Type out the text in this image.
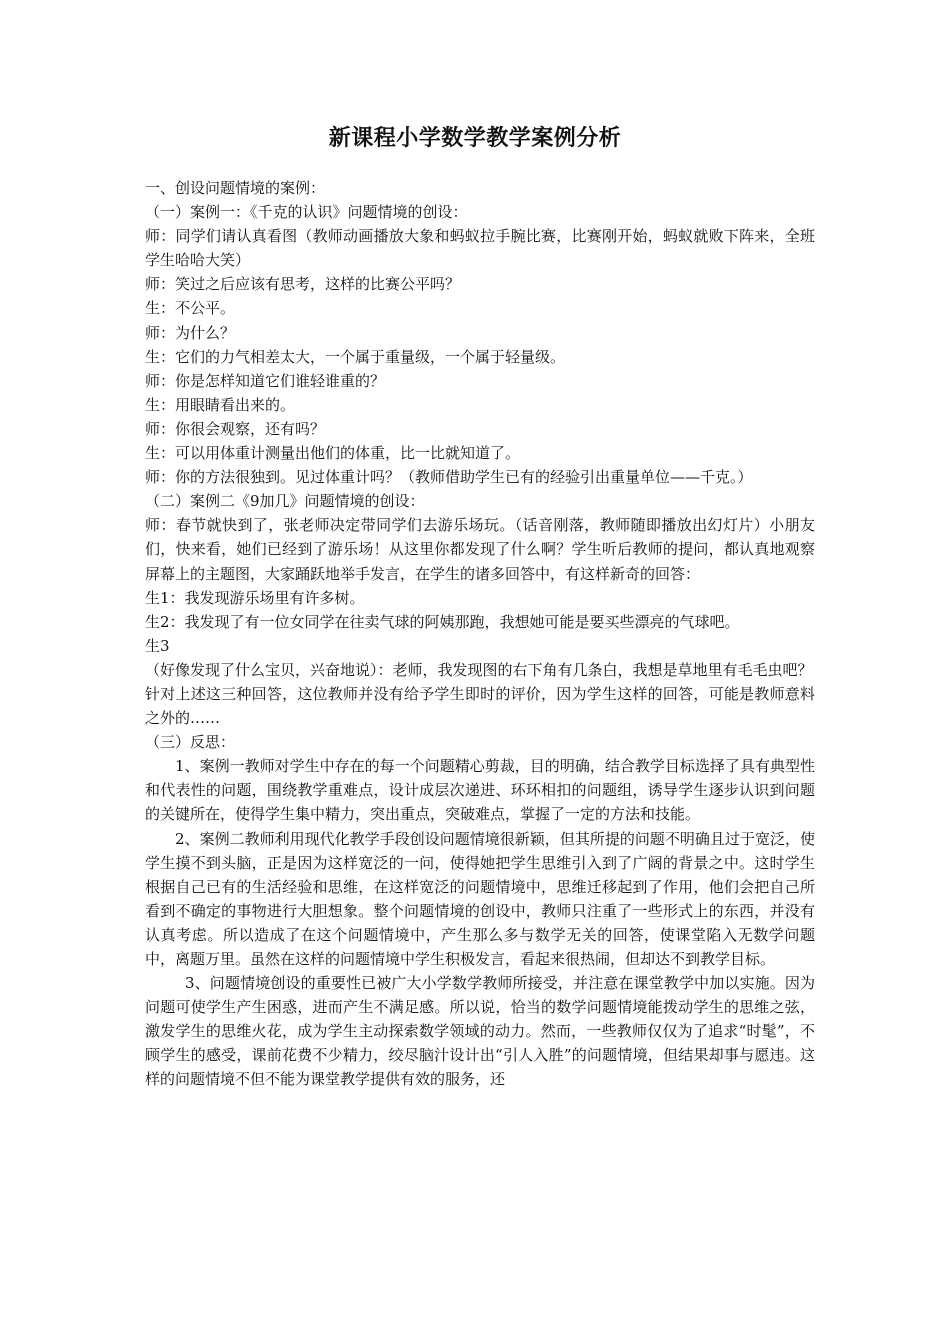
新课程小学数学教学案例分析

一、创设问题情境的案例：

（一）案例一：《千克的认识》问题情境的创设：

师：同学们请认真看图（教师动画播放大象和蚂蚁拉手腕比赛，比赛刚开始，蚂蚁就败下阵来，全班学生哈哈大笑）

师：笑过之后应该有思考，这样的比赛公平吗？

生：不公平。

师：为什么？

生：它们的力气相差太大，一个属于重量级，一个属于轻量级。

师：你是怎样知道它们谁轻谁重的？

生：用眼睛看出来的。

师：你很会观察，还有吗？

生：可以用体重计测量出他们的体重，比一比就知道了。

师：你的方法很独到。见过体重计吗？（教师借助学生已有的经验引出重量单位——千克。）

（二）案例二《9加几》问题情境的创设：

师：春节就快到了，张老师决定带同学们去游乐场玩。（话音刚落，教师随即播放出幻灯片）小朋友们，快来看，她们已经到了游乐场！从这里你都发现了什么啊？学生听后教师的提问，都认真地观察屏幕上的主题图，大家踊跃地举手发言，在学生的诸多回答中，有这样新奇的回答：

生1：我发现游乐场里有许多树。

生2：我发现了有一位女同学在往卖气球的阿姨那跑，我想她可能是要买些漂亮的气球吧。

生3

（好像发现了什么宝贝，兴奋地说）：老师，我发现图的右下角有几条白，我想是草地里有毛毛虫吧？

针对上述这三种回答，这位教师并没有给予学生即时的评价，因为学生这样的回答，可能是教师意料之外的……

（三）反思：

1、案例一教师对学生中存在的每一个问题精心剪裁，目的明确，结合教学目标选择了具有典型性和代表性的问题，围绕教学重难点，设计成层次递进、环环相扣的问题组，诱导学生逐步认识到问题的关键所在，使得学生集中精力，突出重点，突破难点，掌握了一定的方法和技能。

2、案例二教师利用现代化教学手段创设问题情境很新颖，但其所提的问题不明确且过于宽泛，使学生摸不到头脑，正是因为这样宽泛的一问，使得她把学生思维引入到了广阔的背景之中。这时学生根据自己已有的生活经验和思维，在这样宽泛的问题情境中，思维迁移起到了作用，他们会把自己所看到不确定的事物进行大胆想象。整个问题情境的创设中，教师只注重了一些形式上的东西，并没有认真考虑。所以造成了在这个问题情境中，产生那么多与数学无关的回答，使课堂陷入无数学问题中，离题万里。虽然在这样的问题情境中学生积极发言，看起来很热闹，但却达不到教学目标。

3、问题情境创设的重要性已被广大小学数学教师所接受，并注意在课堂教学中加以实施。因为问题可使学生产生困惑，进而产生不满足感。所以说，恰当的数学问题情境能拨动学生的思维之弦，激发学生的思维火花，成为学生主动探索数学领域的动力。然而，一些教师仅仅为了追求“时髦”，不顾学生的感受，课前花费不少精力，绞尽脑汁设计出“引人入胜”的问题情境，但结果却事与愿违。这样的问题情境不但不能为课堂教学提供有效的服务，还
